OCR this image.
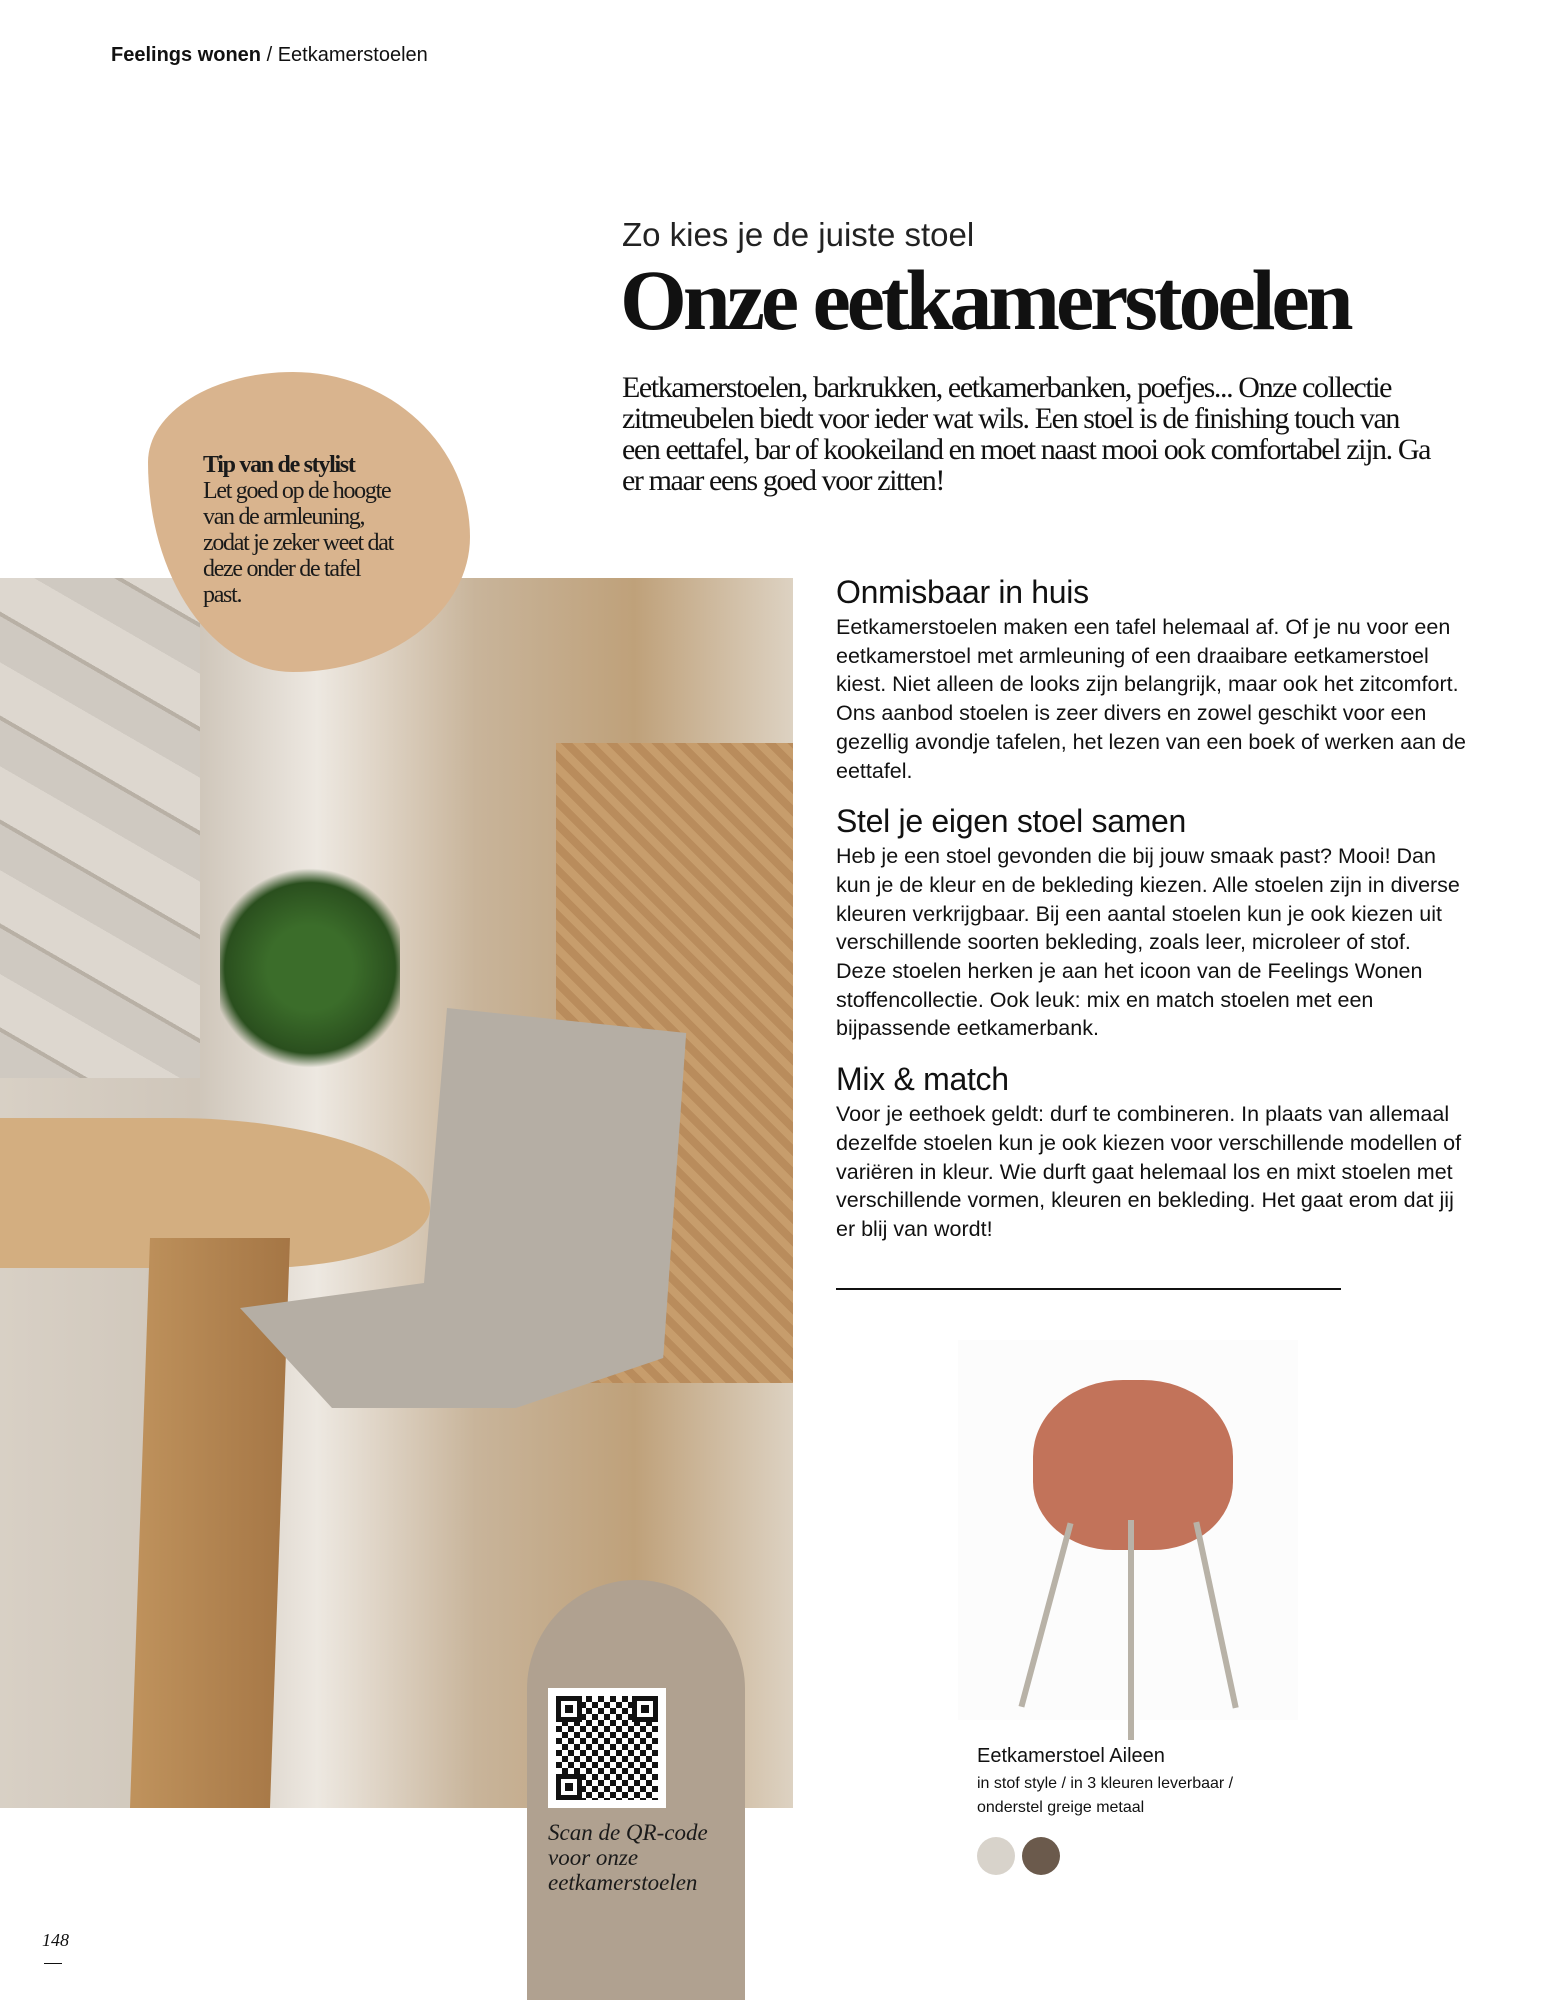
Feelings wonen / Eetkamerstoelen
Zo kies je de juiste stoel
Onze eetkamerstoelen

Eetkamerstoelen, barkrukken, eetkamerbanken, poefjes... Onze collectie zitmeubelen biedt voor ieder wat wils. Een stoel is de finishing touch van een eettafel, bar of kookeiland en moet naast mooi ook comfortabel zijn. Ga er maar eens goed voor zitten!

Tip van de stylist
Let goed op de hoogte van de armleuning, zodat je zeker weet dat deze onder de tafel past.	Onmisbaar in huis

Eetkamerstoelen maken een tafel helemaal af. Of je nu voor een eetkamerstoel met armleuning of een draaibare eetkamerstoel kiest. Niet alleen de looks zijn belangrijk, maar ook het zitcomfort. Ons aanbod stoelen is zeer divers en zowel geschikt voor een gezellig avondje tafelen, het lezen van een boek of werken aan de eettafel.

Stel je eigen stoel samen

Heb je een stoel gevonden die bij jouw smaak past? Mooi! Dan kun je de kleur en de bekleding kiezen. Alle stoelen zijn in diverse kleuren verkrijgbaar. Bij een aantal stoelen kun je ook kiezen uit verschillende soorten bekleding, zoals leer, microleer of stof. Deze stoelen herken je aan het icoon van de Feelings Wonen stoffencollectie. Ook leuk: mix en match stoelen met een bijpassende eetkamerbank.

Mix & match

Voor je eethoek geldt: durf te combineren. In plaats van allemaal dezelfde stoelen kun je ook kiezen voor verschillende modellen of variëren in kleur. Wie durft gaat helemaal los en mixt stoelen met verschillende vormen, kleuren en bekleding. Het gaat erom dat jij er blij van wordt!

Eetkamerstoel Aileen
in stof style / in 3 kleuren leverbaar /
onderstel greige metaal
Scan de QR-code
voor onze
eetkamerstoelen
148
